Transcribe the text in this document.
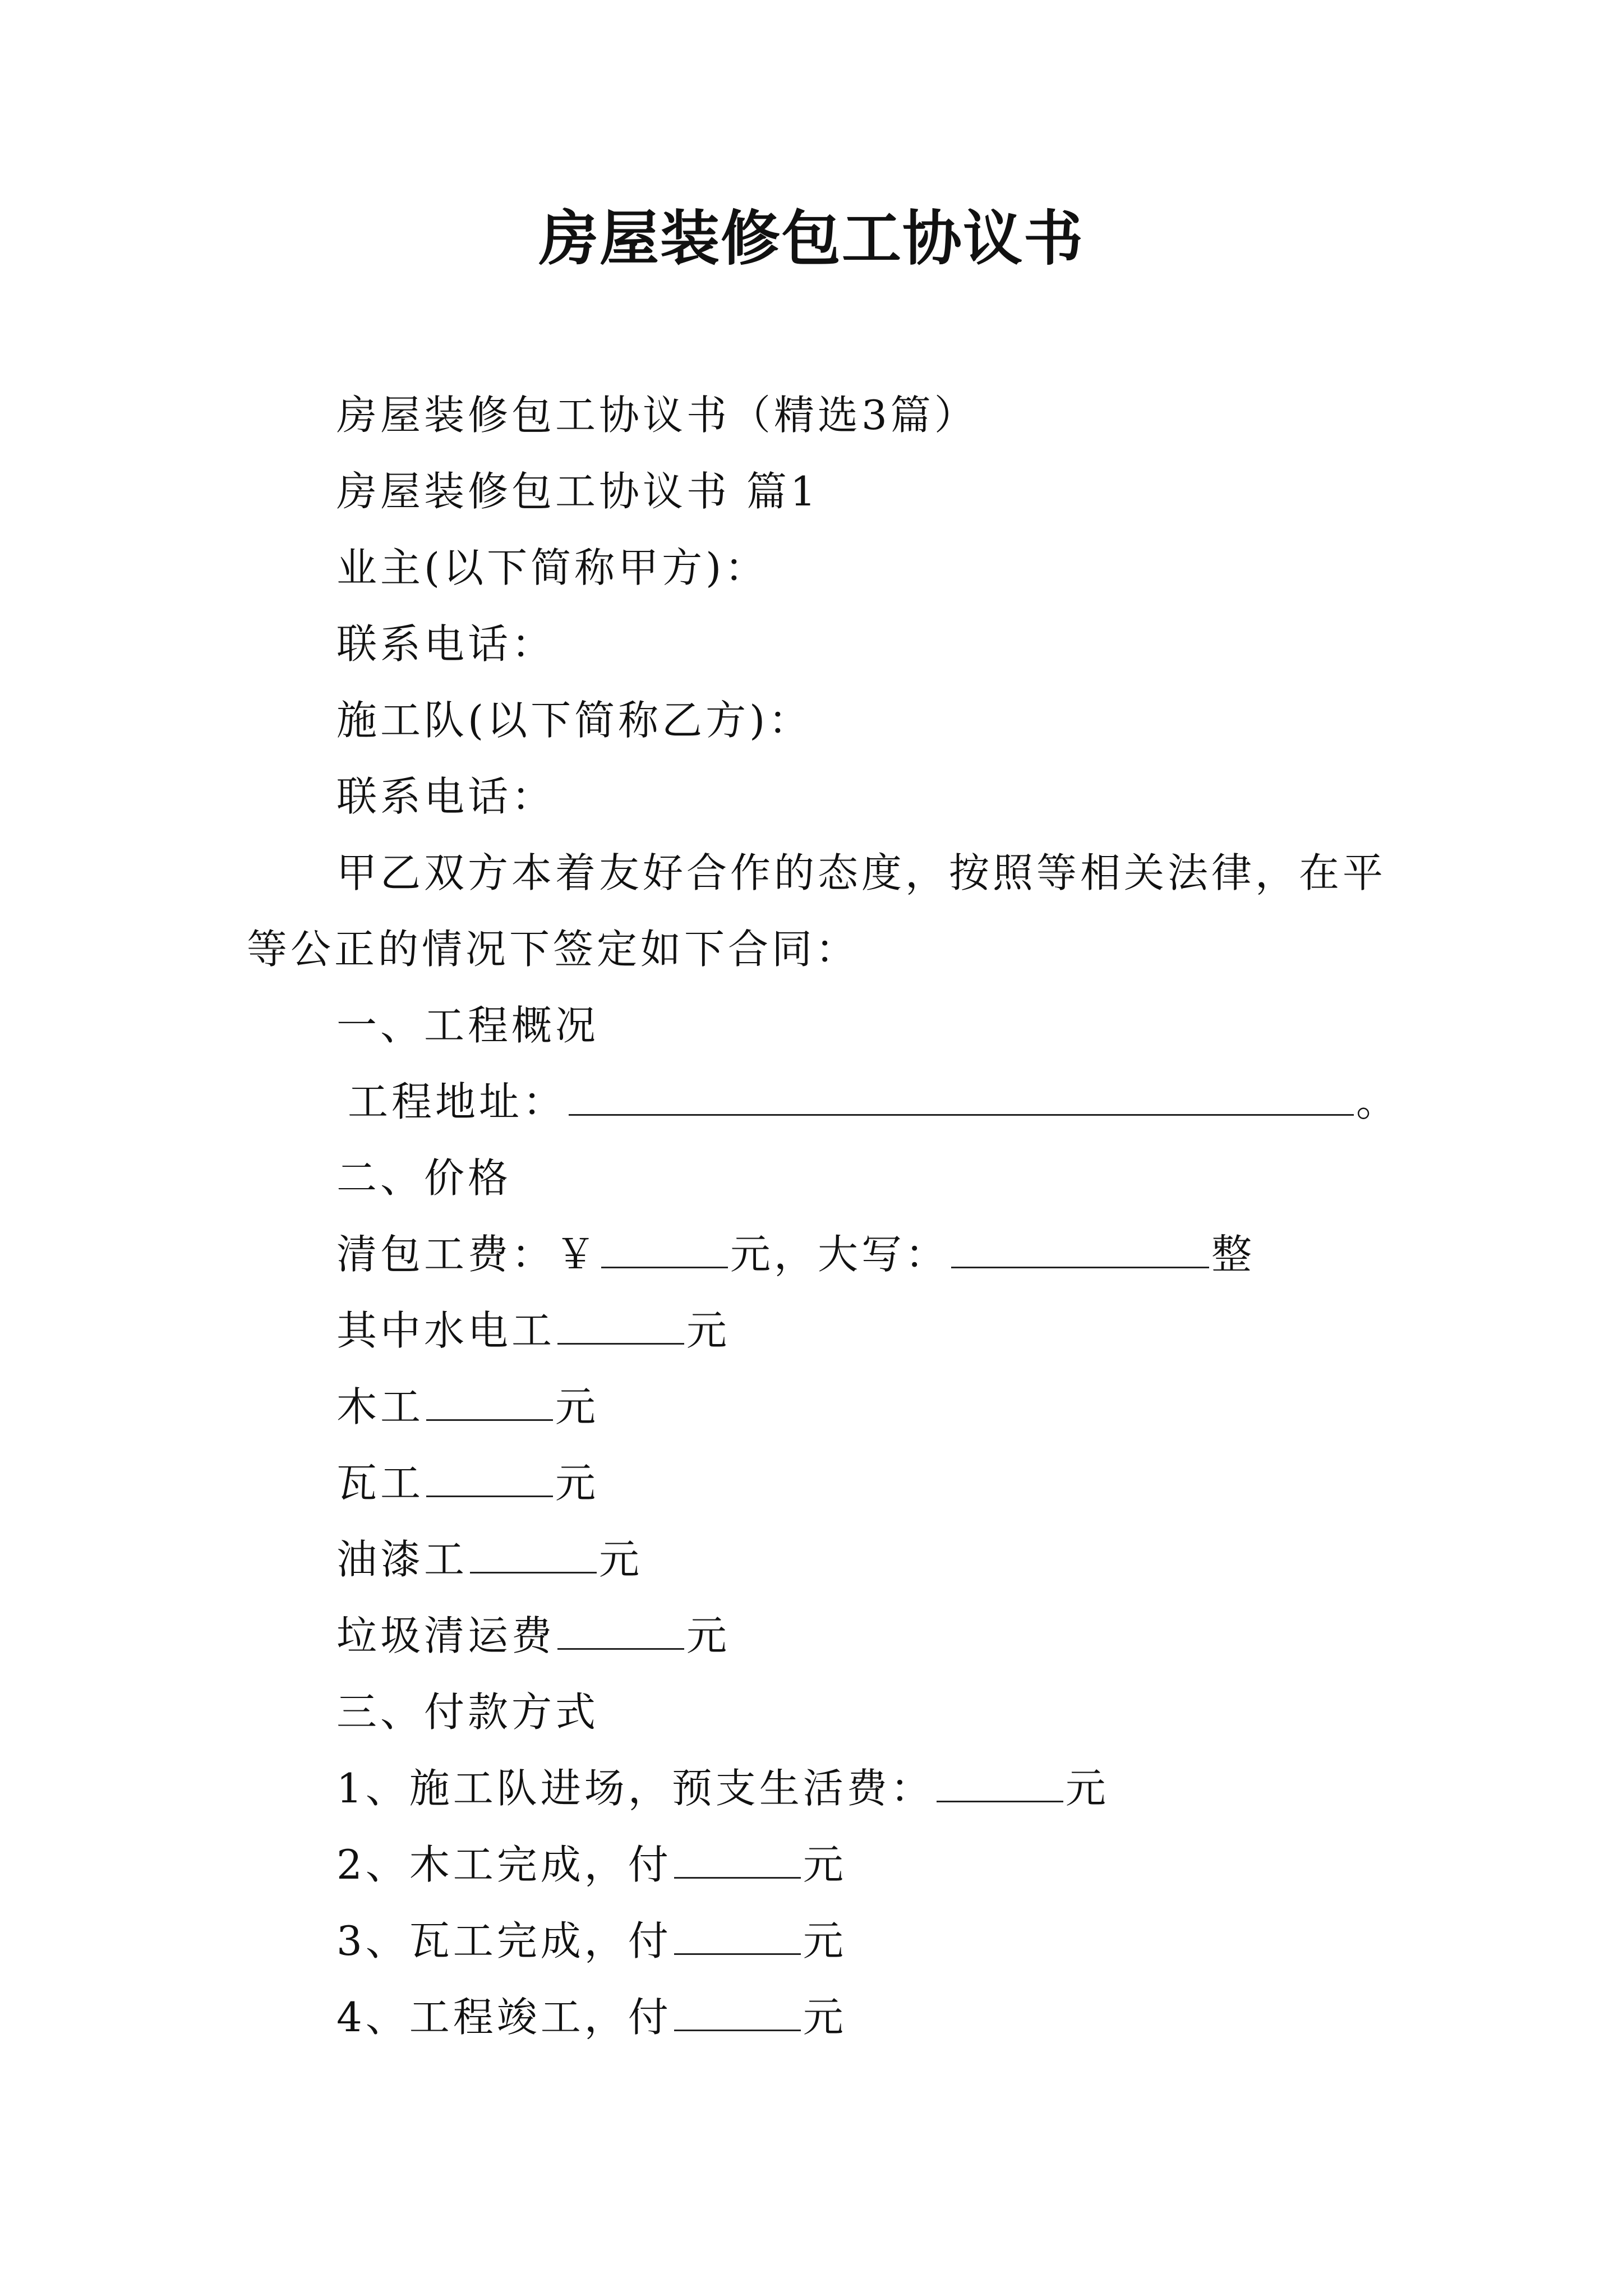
房屋装修包工协议书
房屋装修包工协议书（精选3篇）
房屋装修包工协议书 篇1
业主(以下简称甲方)：
联系电话：
施工队(以下简称乙方)：
联系电话：
甲乙双方本着友好合作的态度，按照等相关法律，在平
等公正的情况下签定如下合同：
一、工程概况
工程地址：	。
二、价格
清包工费：￥	元，大写：	整
其中水电工	元
木工	元
瓦工	元
油漆工	元
垃圾清运费	元
三、付款方式
1、施工队进场，预支生活费：	元
2、木工完成，付	元
3、瓦工完成，付	元
4、工程竣工，付	元
